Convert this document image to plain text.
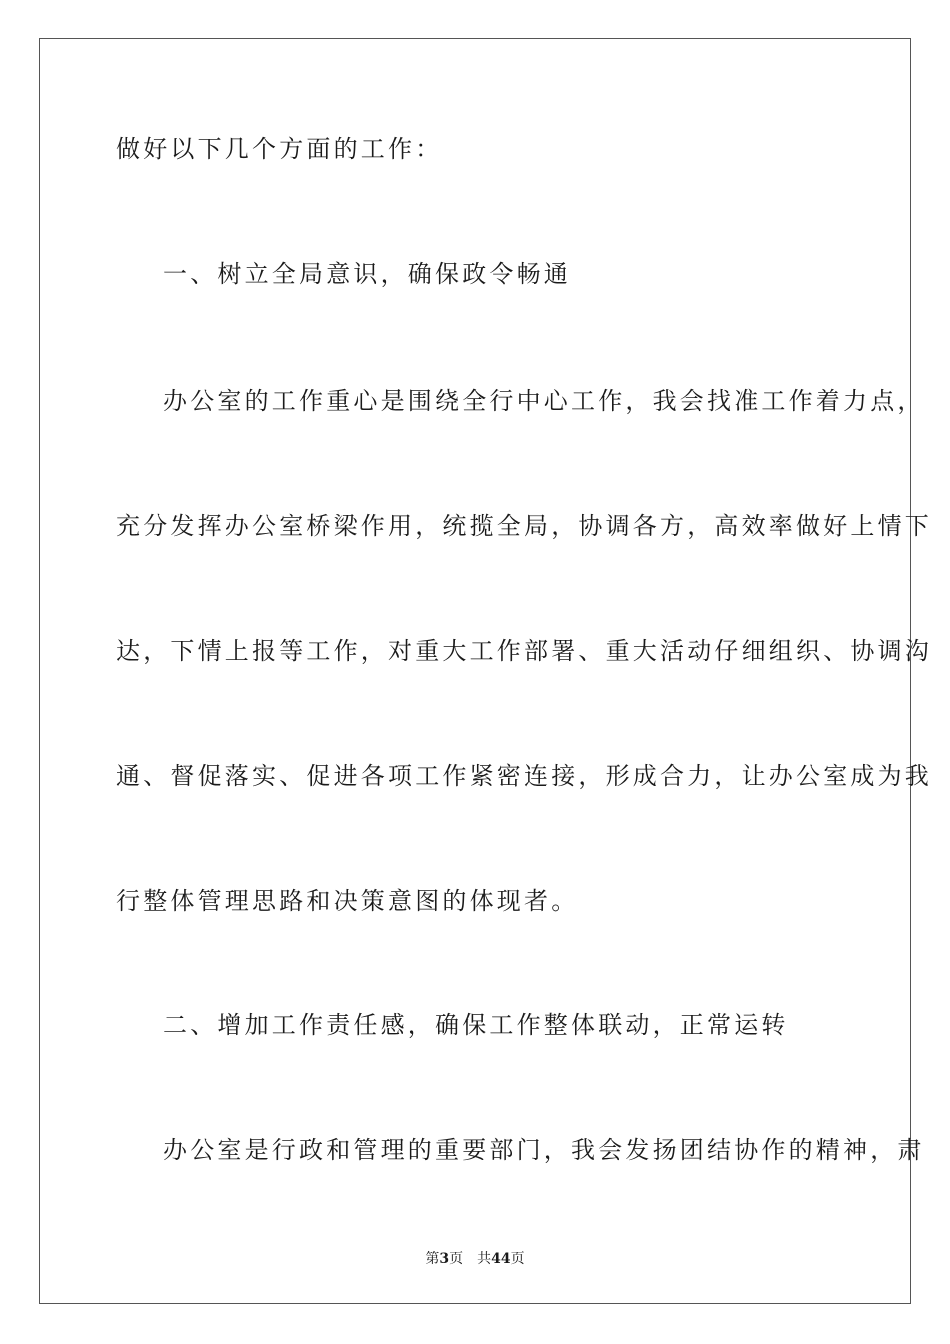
做好以下几个方面的工作：
一、树立全局意识，确保政令畅通
办公室的工作重心是围绕全行中心工作，我会找准工作着力点，
充分发挥办公室桥梁作用，统揽全局，协调各方，高效率做好上情下
达，下情上报等工作，对重大工作部署、重大活动仔细组织、协调沟
通、督促落实、促进各项工作紧密连接，形成合力，让办公室成为我
行整体管理思路和决策意图的体现者。
二、增加工作责任感，确保工作整体联动，正常运转
办公室是行政和管理的重要部门，我会发扬团结协作的精神，肃
第3页 共44页
